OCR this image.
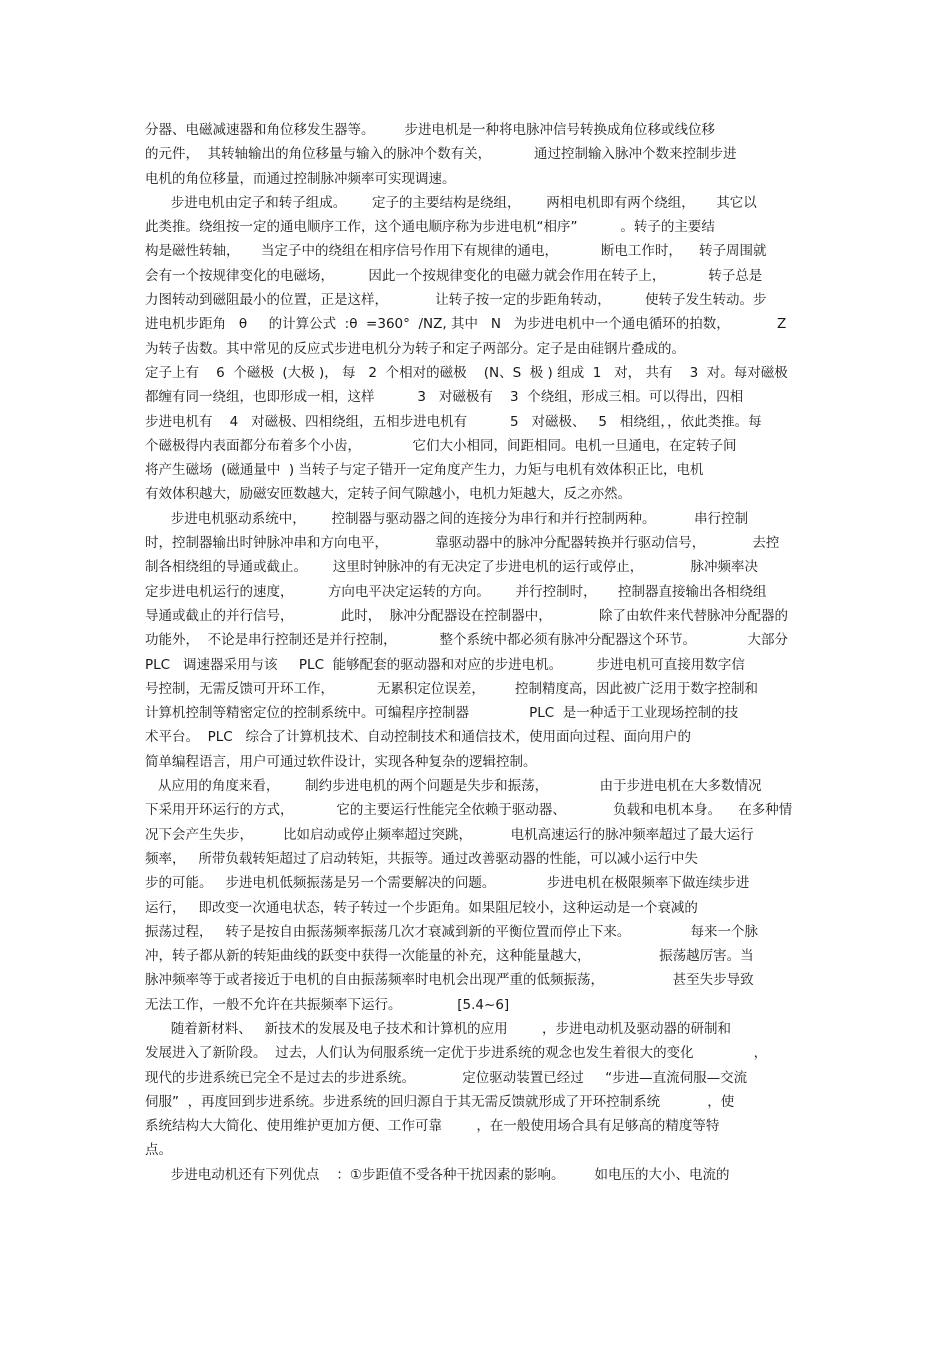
分器、电磁减速器和角位移发生器等。       步进电机是一种将电脉冲信号转换成角位移或线位移
的元件，  其转轴输出的角位移量与输入的脉冲个数有关，          通过控制输入脉冲个数来控制步进
电机的角位移量，而通过控制脉冲频率可实现调速。
步进电机由定子和转子组成。      定子的主要结构是绕组，      两相电机即有两个绕组，     其它以
此类推。绕组按一定的通电顺序工作，这个通电顺序称为步进电机“相序”          。转子的主要结
构是磁性转轴，     当定子中的绕组在相序信号作用下有规律的通电，          断电工作时，    转子周围就
会有一个按规律变化的电磁场，        因此一个按规律变化的电磁力就会作用在转子上，          转子总是
力图转动到磁阻最小的位置，正是这样，           让转子按一定的步距角转动，        使转子发生转动。步
进电机步距角   θ     的计算公式  :θ  =360°  /NZ, 其中   N   为步进电机中一个通电循环的拍数，           Z
为转子齿数。其中常见的反应式步进电机分为转子和定子两部分。定子是由硅钢片叠成的。
定子上有    6  个磁极  (大极 )， 每   2  个相对的磁极    (N、S  极 ) 组成  1   对， 共有    3  对。每对磁极
都缠有同一绕组，也即形成一相，这样          3   对磁极有    3  个绕组，形成三相。可以得出，四相
步进电机有    4   对磁极、四相绕组，五相步进电机有          5   对磁极、   5   相绕组，，依此类推。每
个磁极得内表面都分布着多个小齿，            它们大小相同，间距相同。电机一旦通电，在定转子间
将产生磁场  (磁通量中  ) 当转子与定子错开一定角度产生力，力矩与电机有效体积正比，电机
有效体积越大，励磁安匝数越大，定转子间气隙越小，电机力矩越大，反之亦然。
步进电机驱动系统中，      控制器与驱动器之间的连接分为串行和并行控制两种。         串行控制
时，控制器输出时钟脉冲串和方向电平，           靠驱动器中的脉冲分配器转换并行驱动信号，           去控
制各相绕组的导通或截止。      这里时钟脉冲的有无决定了步进电机的运行或停止，           脉冲频率决
定步进电机运行的速度，        方向电平决定运转的方向。      并行控制时，     控制器直接输出各相绕组
导通或截止的并行信号，           此时，  脉冲分配器设在控制器中，           除了由软件来代替脉冲分配器的
功能外，  不论是串行控制还是并行控制，          整个系统中都必须有脉冲分配器这个环节。            大部分
PLC   调速器采用与该     PLC  能够配套的驱动器和对应的步进电机。        步进电机可直接用数字信
号控制，无需反馈可开环工作，          无累积定位误差，       控制精度高，因此被广泛用于数字控制和
计算机控制等精密定位的控制系统中。可编程序控制器              PLC  是一种适于工业现场控制的技
术平台。  PLC   综合了计算机技术、自动控制技术和通信技术，使用面向过程、面向用户的
简单编程语言，用户可通过软件设计，实现各种复杂的逻辑控制。
从应用的角度来看，      制约步进电机的两个问题是失步和振荡，            由于步进电机在大多数情况
下采用开环运行的方式，          它的主要运行性能完全依赖于驱动器、           负载和电机本身。    在多种情
况下会产生失步，       比如启动或停止频率超过突跳，         电机高速运行的脉冲频率超过了最大运行
频率，   所带负载转矩超过了启动转矩，共振等。通过改善驱动器的性能，可以减小运行中失
步的可能。   步进电机低频振荡是另一个需要解决的问题。            步进电机在极限频率下做连续步进
运行，   即改变一次通电状态，转子转过一个步距角。如果阻尼较小，这种运动是一个衰减的
振荡过程，   转子是按自由振荡频率振荡几次才衰减到新的平衡位置而停止下来。              每来一个脉
冲，转子都从新的转矩曲线的跃变中获得一次能量的补充，这种能量越大，                振荡越厉害。当
脉冲频率等于或者接近于电机的自由振荡频率时电机会出现严重的低频振荡，                甚至失步导致
无法工作，一般不允许在共振频率下运行。             [5.4~6]
随着新材料、   新技术的发展及电子技术和计算机的应用        ，步进电动机及驱动器的研制和
发展进入了新阶段。  过去，人们认为伺服系统一定优于步进系统的观念也发生着很大的变化              ，
现代的步进系统已完全不是过去的步进系统。           定位驱动装置已经过     “步进—直流伺服—交流
伺服”  ，再度回到步进系统。步进系统的回归源自于其无需反馈就形成了开环控制系统           ，使
系统结构大大简化、使用维护更加方便、工作可靠        ，在一般使用场合具有足够高的精度等特
点。
步进电动机还有下列优点    ：①步距值不受各种干扰因素的影响。       如电压的大小、电流的
